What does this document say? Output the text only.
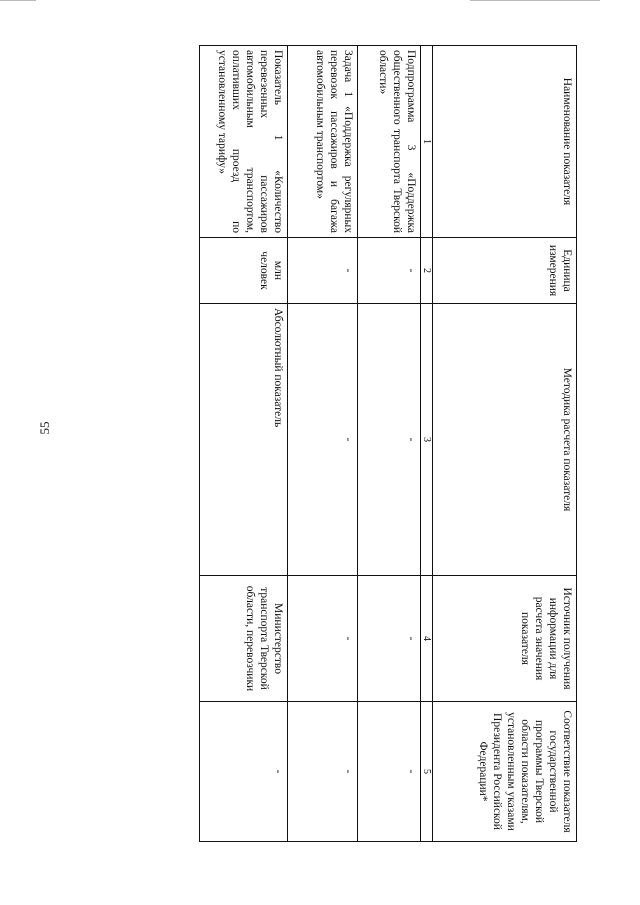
55
Наименование показателя	Единица измерения	Методика расчета показателя	Источник получения информации для расчета значения показателя	Соответствие показателя государственной программы Тверской области показателям, установленным указами Президента Российской Федерации*
1	2	3	4	5
Подпрограмма 3 «Поддержка общественного транспорта Тверской области»	-	-	-	-
Задача 1 «Поддержка регулярных перевозок пассажиров и багажа автомобильным транспортом»	-	-	-	-
Показатель 1 «Количество перевезенных пассажиров автомобильным транспортом, оплативших проезд по установленному тарифу»	млн человек	Абсолютный показатель	Министерство транспорта Тверской области, перевозчики	-
